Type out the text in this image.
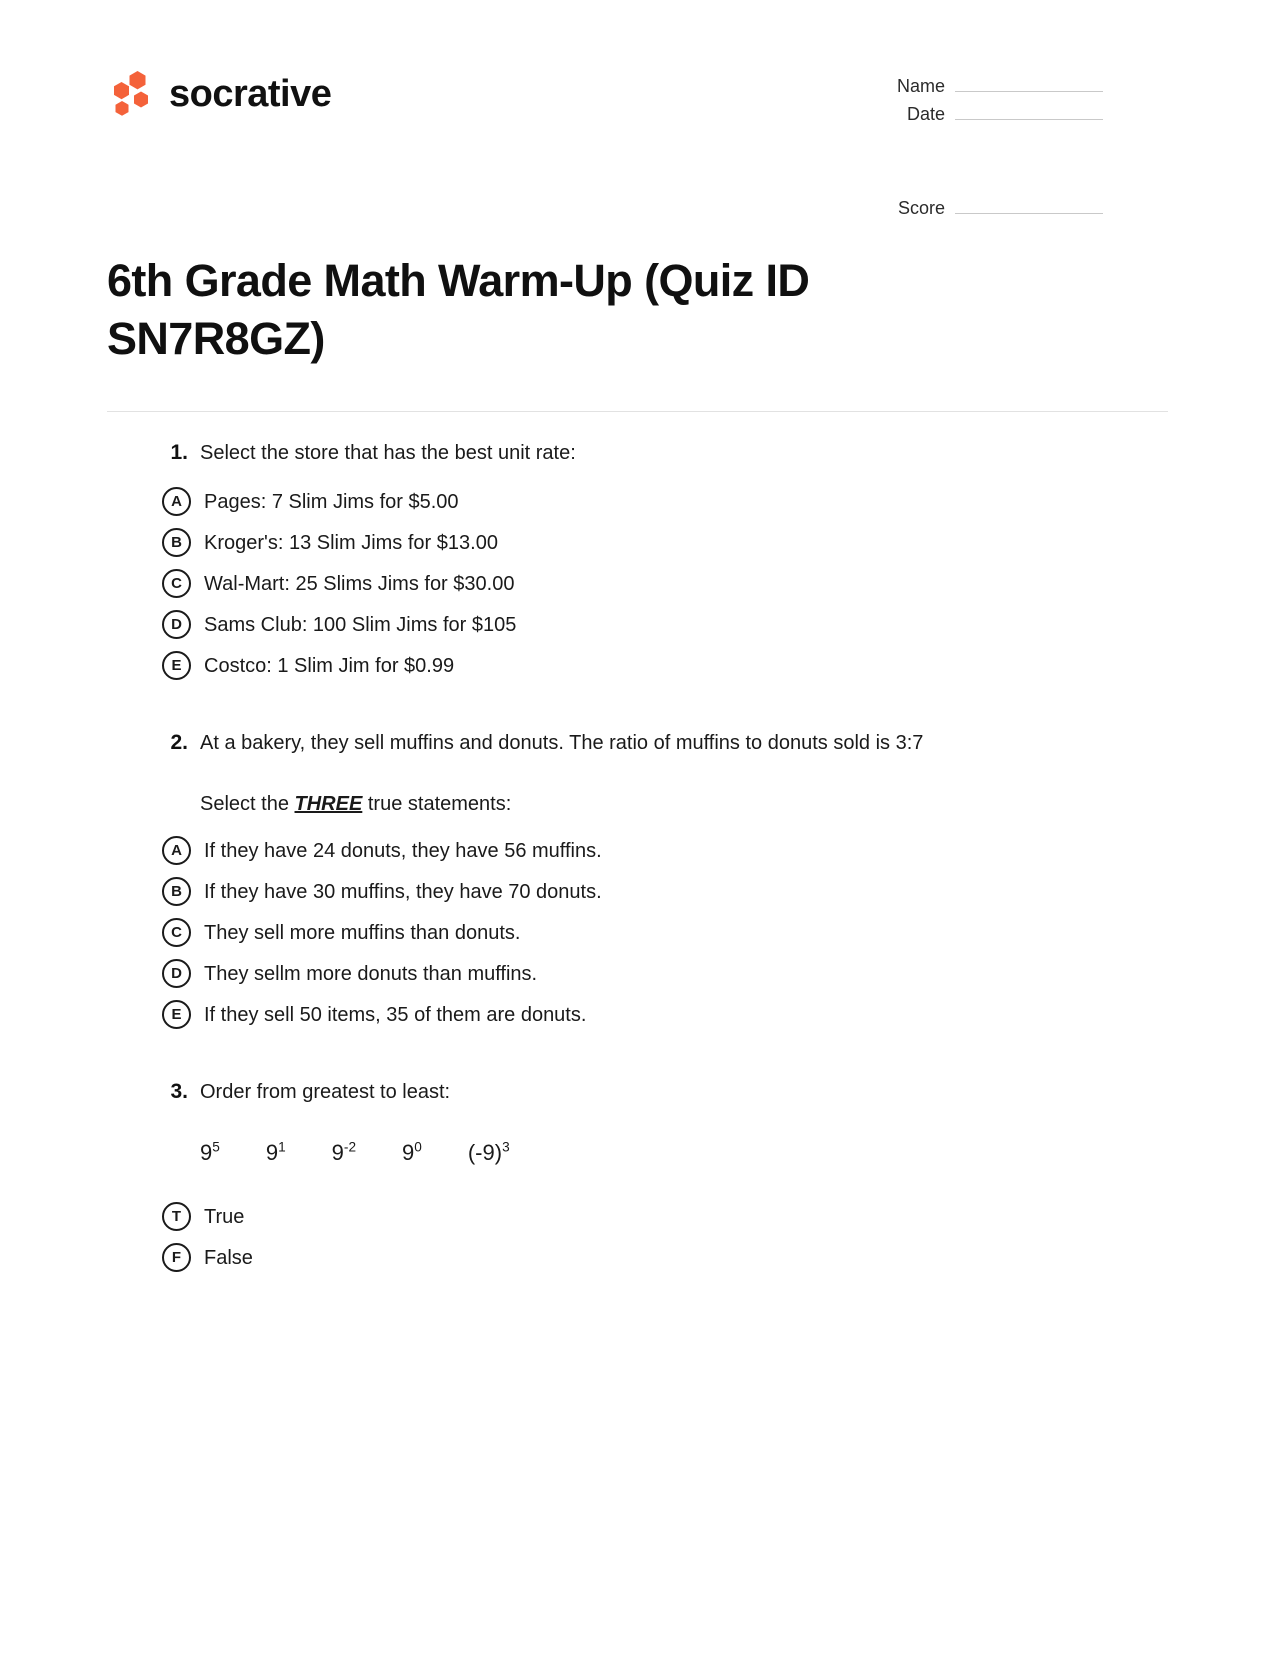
socrative	Name
Date
Score
6th Grade Math Warm-Up (Quiz ID SN7R8GZ)
1. Select the store that has the best unit rate:
A	Pages: 7 Slim Jims for $5.00
B	Kroger's: 13 Slim Jims for $13.00
C	Wal-Mart: 25 Slims Jims for $30.00
D	Sams Club: 100 Slim Jims for $105
E	Costco: 1 Slim Jim for $0.99
2. At a bakery, they sell muffins and donuts. The ratio of muffins to donuts sold is 3:7
Select the THREE true statements:
A	If they have 24 donuts, they have 56 muffins.
B	If they have 30 muffins, they have 70 donuts.
C	They sell more muffins than donuts.
D	They sellm more donuts than muffins.
E	If they sell 50 items, 35 of them are donuts.
3. Order from greatest to least:
$9^5$ $9^1$ $9^{-2}$ $9^0$ $(-9)^3$
T	True
F	False
